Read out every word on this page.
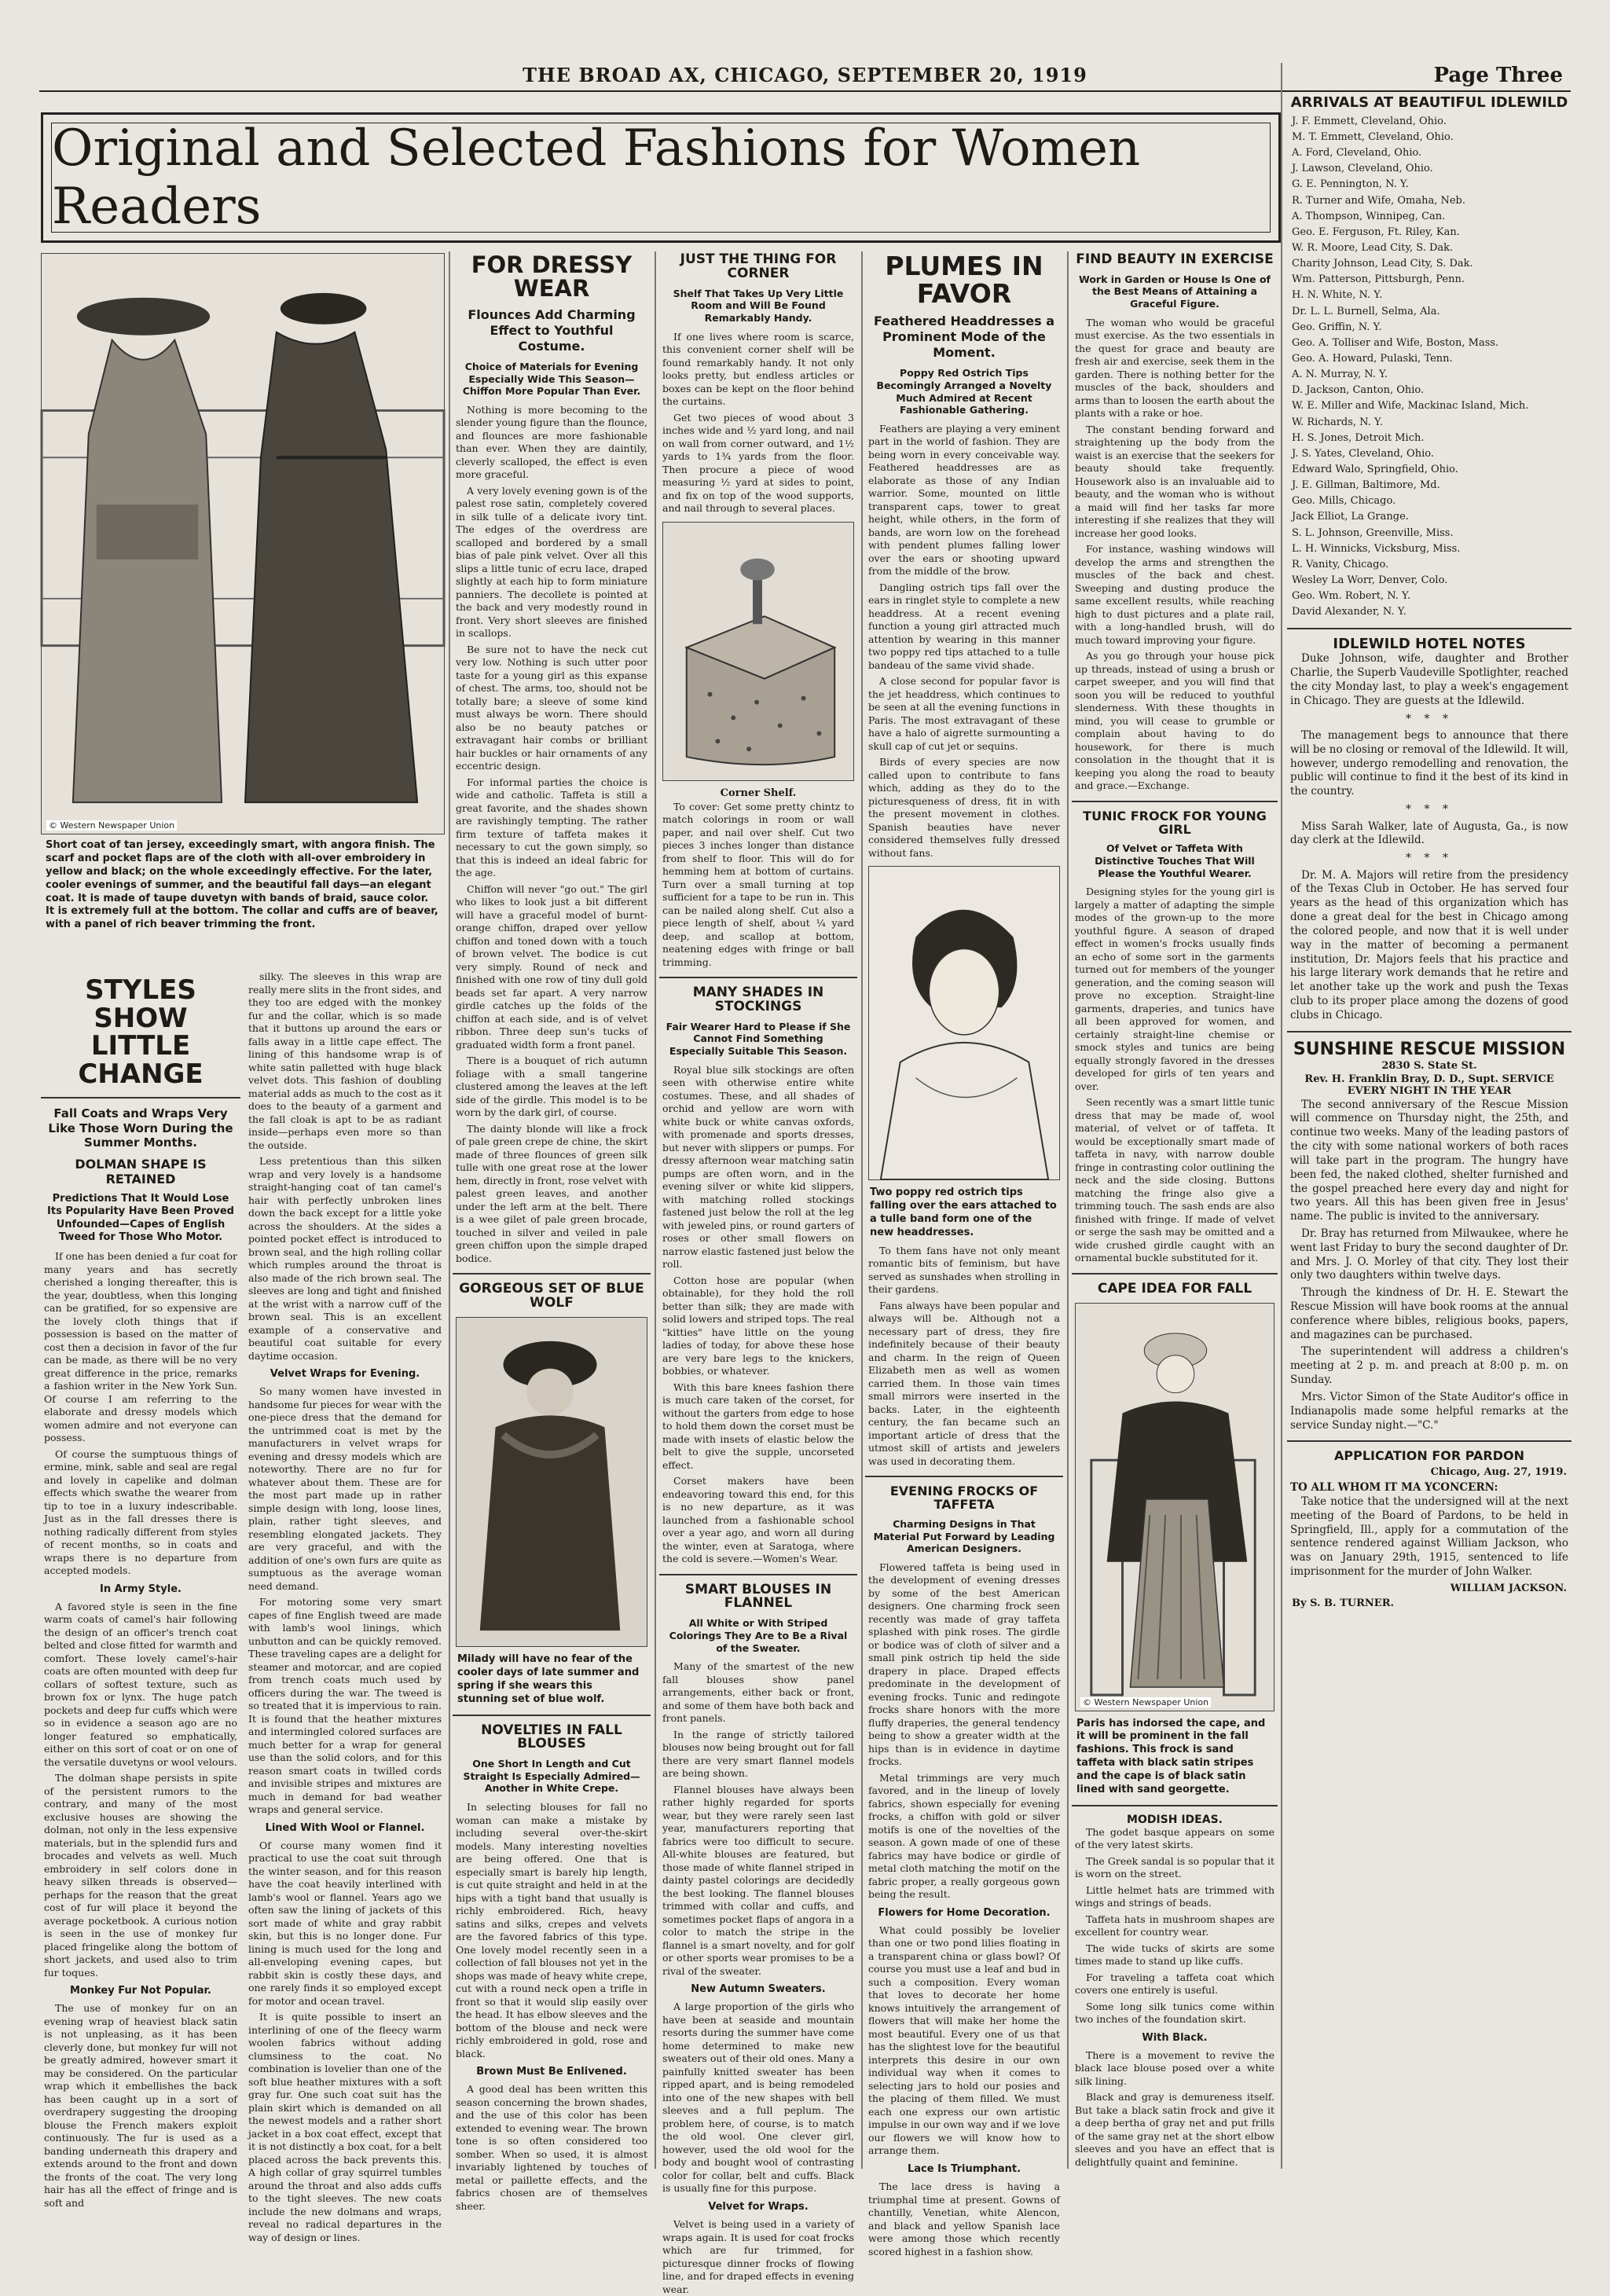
THE BROAD AX, CHICAGO, SEPTEMBER 20, 1919	Page Three
Original and Selected Fashions for Women Readers
© Western Newspaper Union
Short coat of tan jersey, exceedingly smart, with angora finish. The scarf and pocket flaps are of the cloth with all-over embroidery in yellow and black; on the whole exceedingly effective. For the later, cooler evenings of summer, and the beautiful fall days—an elegant coat. It is made of taupe duvetyn with bands of braid, sauce color. It is extremely full at the bottom. The collar and cuffs are of beaver, with a panel of rich beaver trimming the front.
STYLES SHOW LITTLE CHANGE
Fall Coats and Wraps Very Like Those Worn During the Summer Months.
DOLMAN SHAPE IS RETAINED
Predictions That It Would Lose Its Popularity Have Been Proved Unfounded—Capes of English Tweed for Those Who Motor.

If one has been denied a fur coat for many years and has secretly cherished a longing thereafter, this is the year, doubtless, when this longing can be gratified, for so expensive are the lovely cloth things that if possession is based on the matter of cost then a decision in favor of the fur can be made, as there will be no very great difference in the price, remarks a fashion writer in the New York Sun. Of course I am referring to the elaborate and dressy models which women admire and not everyone can possess.

Of course the sumptuous things of ermine, mink, sable and seal are regal and lovely in capelike and dolman effects which swathe the wearer from tip to toe in a luxury indescribable. Just as in the fall dresses there is nothing radically different from styles of recent months, so in coats and wraps there is no departure from accepted models.

In Army Style.

A favored style is seen in the fine warm coats of camel's hair following the design of an officer's trench coat belted and close fitted for warmth and comfort. These lovely camel's-hair coats are often mounted with deep fur collars of softest texture, such as brown fox or lynx. The huge patch pockets and deep fur cuffs which were so in evidence a season ago are no longer featured so emphatically, either on this sort of coat or on one of the versatile duvetyns or wool velours.

The dolman shape persists in spite of the persistent rumors to the contrary, and many of the most exclusive houses are showing the dolman, not only in the less expensive materials, but in the splendid furs and brocades and velvets as well. Much embroidery in self colors done in heavy silken threads is observed—perhaps for the reason that the great cost of fur will place it beyond the average pocketbook. A curious notion is seen in the use of monkey fur placed fringelike along the bottom of short jackets, and used also to trim fur toques.

Monkey Fur Not Popular.

The use of monkey fur on an evening wrap of heaviest black satin is not unpleasing, as it has been cleverly done, but monkey fur will not be greatly admired, however smart it may be considered. On the particular wrap which it embellishes the back has been caught up in a sort of overdrapery suggesting the drooping blouse the French makers exploit continuously. The fur is used as a banding underneath this drapery and extends around to the front and down the fronts of the coat. The very long hair has all the effect of fringe and is soft and

silky. The sleeves in this wrap are really mere slits in the front sides, and they too are edged with the monkey fur and the collar, which is so made that it buttons up around the ears or falls away in a little cape effect. The lining of this handsome wrap is of white satin palletted with huge black velvet dots. This fashion of doubling material adds as much to the cost as it does to the beauty of a garment and the fall cloak is apt to be as radiant inside—perhaps even more so than the outside.

Less pretentious than this silken wrap and very lovely is a handsome straight-hanging coat of tan camel's hair with perfectly unbroken lines down the back except for a little yoke across the shoulders. At the sides a pointed pocket effect is introduced to brown seal, and the high rolling collar which rumples around the throat is also made of the rich brown seal. The sleeves are long and tight and finished at the wrist with a narrow cuff of the brown seal. This is an excellent example of a conservative and beautiful coat suitable for every daytime occasion.

Velvet Wraps for Evening.

So many women have invested in handsome fur pieces for wear with the one-piece dress that the demand for the untrimmed coat is met by the manufacturers in velvet wraps for evening and dressy models which are noteworthy. There are no fur for whatever about them. These are for the most part made up in rather simple design with long, loose lines, plain, rather tight sleeves, and resembling elongated jackets. They are very graceful, and with the addition of one's own furs are quite as sumptuous as the average woman need demand.

For motoring some very smart capes of fine English tweed are made with lamb's wool linings, which unbutton and can be quickly removed. These traveling capes are a delight for steamer and motorcar, and are copied from trench coats much used by officers during the war. The tweed is so treated that it is impervious to rain. It is found that the heather mixtures and intermingled colored surfaces are much better for a wrap for general use than the solid colors, and for this reason smart coats in twilled cords and invisible stripes and mixtures are much in demand for bad weather wraps and general service.

Lined With Wool or Flannel.

Of course many women find it practical to use the coat suit through the winter season, and for this reason have the coat heavily interlined with lamb's wool or flannel. Years ago we often saw the lining of jackets of this sort made of white and gray rabbit skin, but this is no longer done. Fur lining is much used for the long and all-enveloping evening capes, but rabbit skin is costly these days, and one rarely finds it so employed except for motor and ocean travel.

It is quite possible to insert an interlining of one of the fleecy warm woolen fabrics without adding clumsiness to the coat. No combination is lovelier than one of the soft blue heather mixtures with a soft gray fur. One such coat suit has the plain skirt which is demanded on all the newest models and a rather short jacket in a box coat effect, except that it is not distinctly a box coat, for a belt placed across the back prevents this. A high collar of gray squirrel tumbles around the throat and also adds cuffs to the tight sleeves. The new coats include the new dolmans and wraps, reveal no radical departures in the way of design or lines.

FOR DRESSY WEAR
Flounces Add Charming Effect to Youthful Costume.
Choice of Materials for Evening Especially Wide This Season—Chiffon More Popular Than Ever.

Nothing is more becoming to the slender young figure than the flounce, and flounces are more fashionable than ever. When they are daintily, cleverly scalloped, the effect is even more graceful.

A very lovely evening gown is of the palest rose satin, completely covered in silk tulle of a delicate ivory tint. The edges of the overdress are scalloped and bordered by a small bias of pale pink velvet. Over all this slips a little tunic of ecru lace, draped slightly at each hip to form miniature panniers. The decollete is pointed at the back and very modestly round in front. Very short sleeves are finished in scallops.

Be sure not to have the neck cut very low. Nothing is such utter poor taste for a young girl as this expanse of chest. The arms, too, should not be totally bare; a sleeve of some kind must always be worn. There should also be no beauty patches or extravagant hair combs or brilliant hair buckles or hair ornaments of any eccentric design.

For informal parties the choice is wide and catholic. Taffeta is still a great favorite, and the shades shown are ravishingly tempting. The rather firm texture of taffeta makes it necessary to cut the gown simply, so that this is indeed an ideal fabric for the age.

Chiffon will never "go out." The girl who likes to look just a bit different will have a graceful model of burnt-orange chiffon, draped over yellow chiffon and toned down with a touch of brown velvet. The bodice is cut very simply. Round of neck and finished with one row of tiny dull gold beads set far apart. A very narrow girdle catches up the folds of the chiffon at each side, and is of velvet ribbon. Three deep sun's tucks of graduated width form a front panel.

There is a bouquet of rich autumn foliage with a small tangerine clustered among the leaves at the left side of the girdle. This model is to be worn by the dark girl, of course.

The dainty blonde will like a frock of pale green crepe de chine, the skirt made of three flounces of green silk tulle with one great rose at the lower hem, directly in front, rose velvet with palest green leaves, and another under the left arm at the belt. There is a wee gilet of pale green brocade, touched in silver and veiled in pale green chiffon upon the simple draped bodice.

GORGEOUS SET OF BLUE WOLF
Milady will have no fear of the cooler days of late summer and spring if she wears this stunning set of blue wolf.
NOVELTIES IN FALL BLOUSES
One Short In Length and Cut Straight Is Especially Admired—Another in White Crepe.

In selecting blouses for fall no woman can make a mistake by including several over-the-skirt models. Many interesting novelties are being offered. One that is especially smart is barely hip length, is cut quite straight and held in at the hips with a tight band that usually is richly embroidered. Rich, heavy satins and silks, crepes and velvets are the favored fabrics of this type. One lovely model recently seen in a collection of fall blouses not yet in the shops was made of heavy white crepe, cut with a round neck open a trifle in front so that it would slip easily over the head. It has elbow sleeves and the bottom of the blouse and neck were richly embroidered in gold, rose and black.

Brown Must Be Enlivened.

A good deal has been written this season concerning the brown shades, and the use of this color has been extended to evening wear. The brown tone is so often considered too somber. When so used, it is almost invariably lightened by touches of metal or paillette effects, and the fabrics chosen are of themselves sheer.

JUST THE THING FOR CORNER
Shelf That Takes Up Very Little Room and Will Be Found Remarkably Handy.

If one lives where room is scarce, this convenient corner shelf will be found remarkably handy. It not only looks pretty, but endless articles or boxes can be kept on the floor behind the curtains.

Get two pieces of wood about 3 inches wide and ½ yard long, and nail on wall from corner outward, and 1½ yards to 1¾ yards from the floor. Then procure a piece of wood measuring ½ yard at sides to point, and fix on top of the wood supports, and nail through to several places.

Corner Shelf.

To cover: Get some pretty chintz to match colorings in room or wall paper, and nail over shelf. Cut two pieces 3 inches longer than distance from shelf to floor. This will do for hemming hem at bottom of curtains. Turn over a small turning at top sufficient for a tape to be run in. This can be nailed along shelf. Cut also a piece length of shelf, about ¼ yard deep, and scallop at bottom, neatening edges with fringe or ball trimming.

MANY SHADES IN STOCKINGS
Fair Wearer Hard to Please if She Cannot Find Something Especially Suitable This Season.

Royal blue silk stockings are often seen with otherwise entire white costumes. These, and all shades of orchid and yellow are worn with white buck or white canvas oxfords, with promenade and sports dresses, but never with slippers or pumps. For dressy afternoon wear matching satin pumps are often worn, and in the evening silver or white kid slippers, with matching rolled stockings fastened just below the roll at the leg with jeweled pins, or round garters of roses or other small flowers on narrow elastic fastened just below the roll.

Cotton hose are popular (when obtainable), for they hold the roll better than silk; they are made with solid lowers and striped tops. The real "kitties" have little on the young ladies of today, for above these hose are very bare legs to the knickers, bobbies, or whatever.

With this bare knees fashion there is much care taken of the corset, for without the garters from edge to hose to hold them down the corset must be made with insets of elastic below the belt to give the supple, uncorseted effect.

Corset makers have been endeavoring toward this end, for this is no new departure, as it was launched from a fashionable school over a year ago, and worn all during the winter, even at Saratoga, where the cold is severe.—Women's Wear.

SMART BLOUSES IN FLANNEL
All White or With Striped Colorings They Are to Be a Rival of the Sweater.

Many of the smartest of the new fall blouses show panel arrangements, either back or front, and some of them have both back and front panels.

In the range of strictly tailored blouses now being brought out for fall there are very smart flannel models are being shown.

Flannel blouses have always been rather highly regarded for sports wear, but they were rarely seen last year, manufacturers reporting that fabrics were too difficult to secure. All-white blouses are featured, but those made of white flannel striped in dainty pastel colorings are decidedly the best looking. The flannel blouses trimmed with collar and cuffs, and sometimes pocket flaps of angora in a color to match the stripe in the flannel is a smart novelty, and for golf or other sports wear promises to be a rival of the sweater.

New Autumn Sweaters.

A large proportion of the girls who have been at seaside and mountain resorts during the summer have come home determined to make new sweaters out of their old ones. Many a painfully knitted sweater has been ripped apart, and is being remodeled into one of the new shapes with bell sleeves and a full peplum. The problem here, of course, is to match the old wool. One clever girl, however, used the old wool for the body and bought wool of contrasting color for collar, belt and cuffs. Black is usually fine for this purpose.

Velvet for Wraps.

Velvet is being used in a variety of wraps again. It is used for coat frocks which are fur trimmed, for picturesque dinner frocks of flowing line, and for draped effects in evening wear.

PLUMES IN FAVOR
Feathered Headdresses a Prominent Mode of the Moment.
Poppy Red Ostrich Tips Becomingly Arranged a Novelty Much Admired at Recent Fashionable Gathering.

Feathers are playing a very eminent part in the world of fashion. They are being worn in every conceivable way. Feathered headdresses are as elaborate as those of any Indian warrior. Some, mounted on little transparent caps, tower to great height, while others, in the form of bands, are worn low on the forehead with pendent plumes falling lower over the ears or shooting upward from the middle of the brow.

Dangling ostrich tips fall over the ears in ringlet style to complete a new headdress. At a recent evening function a young girl attracted much attention by wearing in this manner two poppy red tips attached to a tulle bandeau of the same vivid shade.

A close second for popular favor is the jet headdress, which continues to be seen at all the evening functions in Paris. The most extravagant of these have a halo of aigrette surmounting a skull cap of cut jet or sequins.

Birds of every species are now called upon to contribute to fans which, adding as they do to the picturesqueness of dress, fit in with the present movement in clothes. Spanish beauties have never considered themselves fully dressed without fans.

Two poppy red ostrich tips falling over the ears attached to a tulle band form one of the new headdresses.

To them fans have not only meant romantic bits of feminism, but have served as sunshades when strolling in their gardens.

Fans always have been popular and always will be. Although not a necessary part of dress, they fire indefinitely because of their beauty and charm. In the reign of Queen Elizabeth men as well as women carried them. In those vain times small mirrors were inserted in the backs. Later, in the eighteenth century, the fan became such an important article of dress that the utmost skill of artists and jewelers was used in decorating them.

EVENING FROCKS OF TAFFETA
Charming Designs in That Material Put Forward by Leading American Designers.

Flowered taffeta is being used in the development of evening dresses by some of the best American designers. One charming frock seen recently was made of gray taffeta splashed with pink roses. The girdle or bodice was of cloth of silver and a small pink ostrich tip held the side drapery in place. Draped effects predominate in the development of evening frocks. Tunic and redingote frocks share honors with the more fluffy draperies, the general tendency being to show a greater width at the hips than is in evidence in daytime frocks.

Metal trimmings are very much favored, and in the lineup of lovely fabrics, shown especially for evening frocks, a chiffon with gold or silver motifs is one of the novelties of the season. A gown made of one of these fabrics may have bodice or girdle of metal cloth matching the motif on the fabric proper, a really gorgeous gown being the result.

Flowers for Home Decoration.

What could possibly be lovelier than one or two pond lilies floating in a transparent china or glass bowl? Of course you must use a leaf and bud in such a composition. Every woman that loves to decorate her home knows intuitively the arrangement of flowers that will make her home the most beautiful. Every one of us that has the slightest love for the beautiful interprets this desire in our own individual way when it comes to selecting jars to hold our posies and the placing of them filled. We must each one express our own artistic impulse in our own way and if we love our flowers we will know how to arrange them.

Lace Is Triumphant.

The lace dress is having a triumphal time at present. Gowns of chantilly, Venetian, white Alencon, and black and yellow Spanish lace were among those which recently scored highest in a fashion show.

FIND BEAUTY IN EXERCISE
Work in Garden or House Is One of the Best Means of Attaining a Graceful Figure.

The woman who would be graceful must exercise. As the two essentials in the quest for grace and beauty are fresh air and exercise, seek them in the garden. There is nothing better for the muscles of the back, shoulders and arms than to loosen the earth about the plants with a rake or hoe.

The constant bending forward and straightening up the body from the waist is an exercise that the seekers for beauty should take frequently. Housework also is an invaluable aid to beauty, and the woman who is without a maid will find her tasks far more interesting if she realizes that they will increase her good looks.

For instance, washing windows will develop the arms and strengthen the muscles of the back and chest. Sweeping and dusting produce the same excellent results, while reaching high to dust pictures and a plate rail, with a long-handled brush, will do much toward improving your figure.

As you go through your house pick up threads, instead of using a brush or carpet sweeper, and you will find that soon you will be reduced to youthful slenderness. With these thoughts in mind, you will cease to grumble or complain about having to do housework, for there is much consolation in the thought that it is keeping you along the road to beauty and grace.—Exchange.

TUNIC FROCK FOR YOUNG GIRL
Of Velvet or Taffeta With Distinctive Touches That Will Please the Youthful Wearer.

Designing styles for the young girl is largely a matter of adapting the simple modes of the grown-up to the more youthful figure. A season of draped effect in women's frocks usually finds an echo of some sort in the garments turned out for members of the younger generation, and the coming season will prove no exception. Straight-line garments, draperies, and tunics have all been approved for women, and certainly straight-line chemise or smock styles and tunics are being equally strongly favored in the dresses developed for girls of ten years and over.

Seen recently was a smart little tunic dress that may be made of, wool material, of velvet or of taffeta. It would be exceptionally smart made of taffeta in navy, with narrow double fringe in contrasting color outlining the neck and the side closing. Buttons matching the fringe also give a trimming touch. The sash ends are also finished with fringe. If made of velvet or serge the sash may be omitted and a wide crushed girdle caught with an ornamental buckle substituted for it.

CAPE IDEA FOR FALL
© Western Newspaper Union
Paris has indorsed the cape, and it will be prominent in the fall fashions. This frock is sand taffeta with black satin stripes and the cape is of black satin lined with sand georgette.
MODISH IDEAS.

The godet basque appears on some of the very latest skirts.

The Greek sandal is so popular that it is worn on the street.

Little helmet hats are trimmed with wings and strings of beads.

Taffeta hats in mushroom shapes are excellent for country wear.

The wide tucks of skirts are some times made to stand up like cuffs.

For traveling a taffeta coat which covers one entirely is useful.

Some long silk tunics come within two inches of the foundation skirt.

With Black.

There is a movement to revive the black lace blouse posed over a white silk lining.

Black and gray is demureness itself. But take a black satin frock and give it a deep bertha of gray net and put frills of the same gray net at the short elbow sleeves and you have an effect that is delightfully quaint and feminine.

ARRIVALS AT BEAUTIFUL IDLEWILD
J. F. Emmett, Cleveland, Ohio.
M. T. Emmett, Cleveland, Ohio.
A. Ford, Cleveland, Ohio.
J. Lawson, Cleveland, Ohio.
G. E. Pennington, N. Y.
R. Turner and Wife, Omaha, Neb.
A. Thompson, Winnipeg, Can.
Geo. E. Ferguson, Ft. Riley, Kan.
W. R. Moore, Lead City, S. Dak.
Charity Johnson, Lead City, S. Dak.
Wm. Patterson, Pittsburgh, Penn.
H. N. White, N. Y.
Dr. L. L. Burnell, Selma, Ala.
Geo. Griffin, N. Y.
Geo. A. Tolliser and Wife, Boston, Mass.
Geo. A. Howard, Pulaski, Tenn.
A. N. Murray, N. Y.
D. Jackson, Canton, Ohio.
W. E. Miller and Wife, Mackinac Island, Mich.
W. Richards, N. Y.
H. S. Jones, Detroit Mich.
J. S. Yates, Cleveland, Ohio.
Edward Walo, Springfield, Ohio.
J. E. Gillman, Baltimore, Md.
Geo. Mills, Chicago.
Jack Elliot, La Grange.
S. L. Johnson, Greenville, Miss.
L. H. Winnicks, Vicksburg, Miss.
R. Vanity, Chicago.
Wesley La Worr, Denver, Colo.
Geo. Wm. Robert, N. Y.
David Alexander, N. Y.
IDLEWILD HOTEL NOTES

Duke Johnson, wife, daughter and Brother Charlie, the Superb Vaudeville Spotlighter, reached the city Monday last, to play a week's engagement in Chicago. They are guests at the Idlewild.

* * *

The management begs to announce that there will be no closing or removal of the Idlewild. It will, however, undergo remodelling and renovation, the public will continue to find it the best of its kind in the country.

* * *

Miss Sarah Walker, late of Augusta, Ga., is now day clerk at the Idlewild.

* * *

Dr. M. A. Majors will retire from the presidency of the Texas Club in October. He has served four years as the head of this organization which has done a great deal for the best in Chicago among the colored people, and now that it is well under way in the matter of becoming a permanent institution, Dr. Majors feels that his practice and his large literary work demands that he retire and let another take up the work and push the Texas club to its proper place among the dozens of good clubs in Chicago.

SUNSHINE RESCUE MISSION
2830 S. State St.
Rev. H. Franklin Bray, D. D., Supt. SERVICE EVERY NIGHT IN THE YEAR

The second anniversary of the Rescue Mission will commence on Thursday night, the 25th, and continue two weeks. Many of the leading pastors of the city with some national workers of both races will take part in the program. The hungry have been fed, the naked clothed, shelter furnished and the gospel preached here every day and night for two years. All this has been given free in Jesus' name. The public is invited to the anniversary.

Dr. Bray has returned from Milwaukee, where he went last Friday to bury the second daughter of Dr. and Mrs. J. O. Morley of that city. They lost their only two daughters within twelve days.

Through the kindness of Dr. H. E. Stewart the Rescue Mission will have book rooms at the annual conference where bibles, religious books, papers, and magazines can be purchased.

The superintendent will address a children's meeting at 2 p. m. and preach at 8:00 p. m. on Sunday.

Mrs. Victor Simon of the State Auditor's office in Indianapolis made some helpful remarks at the service Sunday night.—"C."

APPLICATION FOR PARDON
Chicago, Aug. 27, 1919.
TO ALL WHOM IT MA YCONCERN:

Take notice that the undersigned will at the next meeting of the Board of Pardons, to be held in Springfield, Ill., apply for a commutation of the sentence rendered against William Jackson, who was on January 29th, 1915, sentenced to life imprisonment for the murder of John Walker.

WILLIAM JACKSON.
By S. B. TURNER.
